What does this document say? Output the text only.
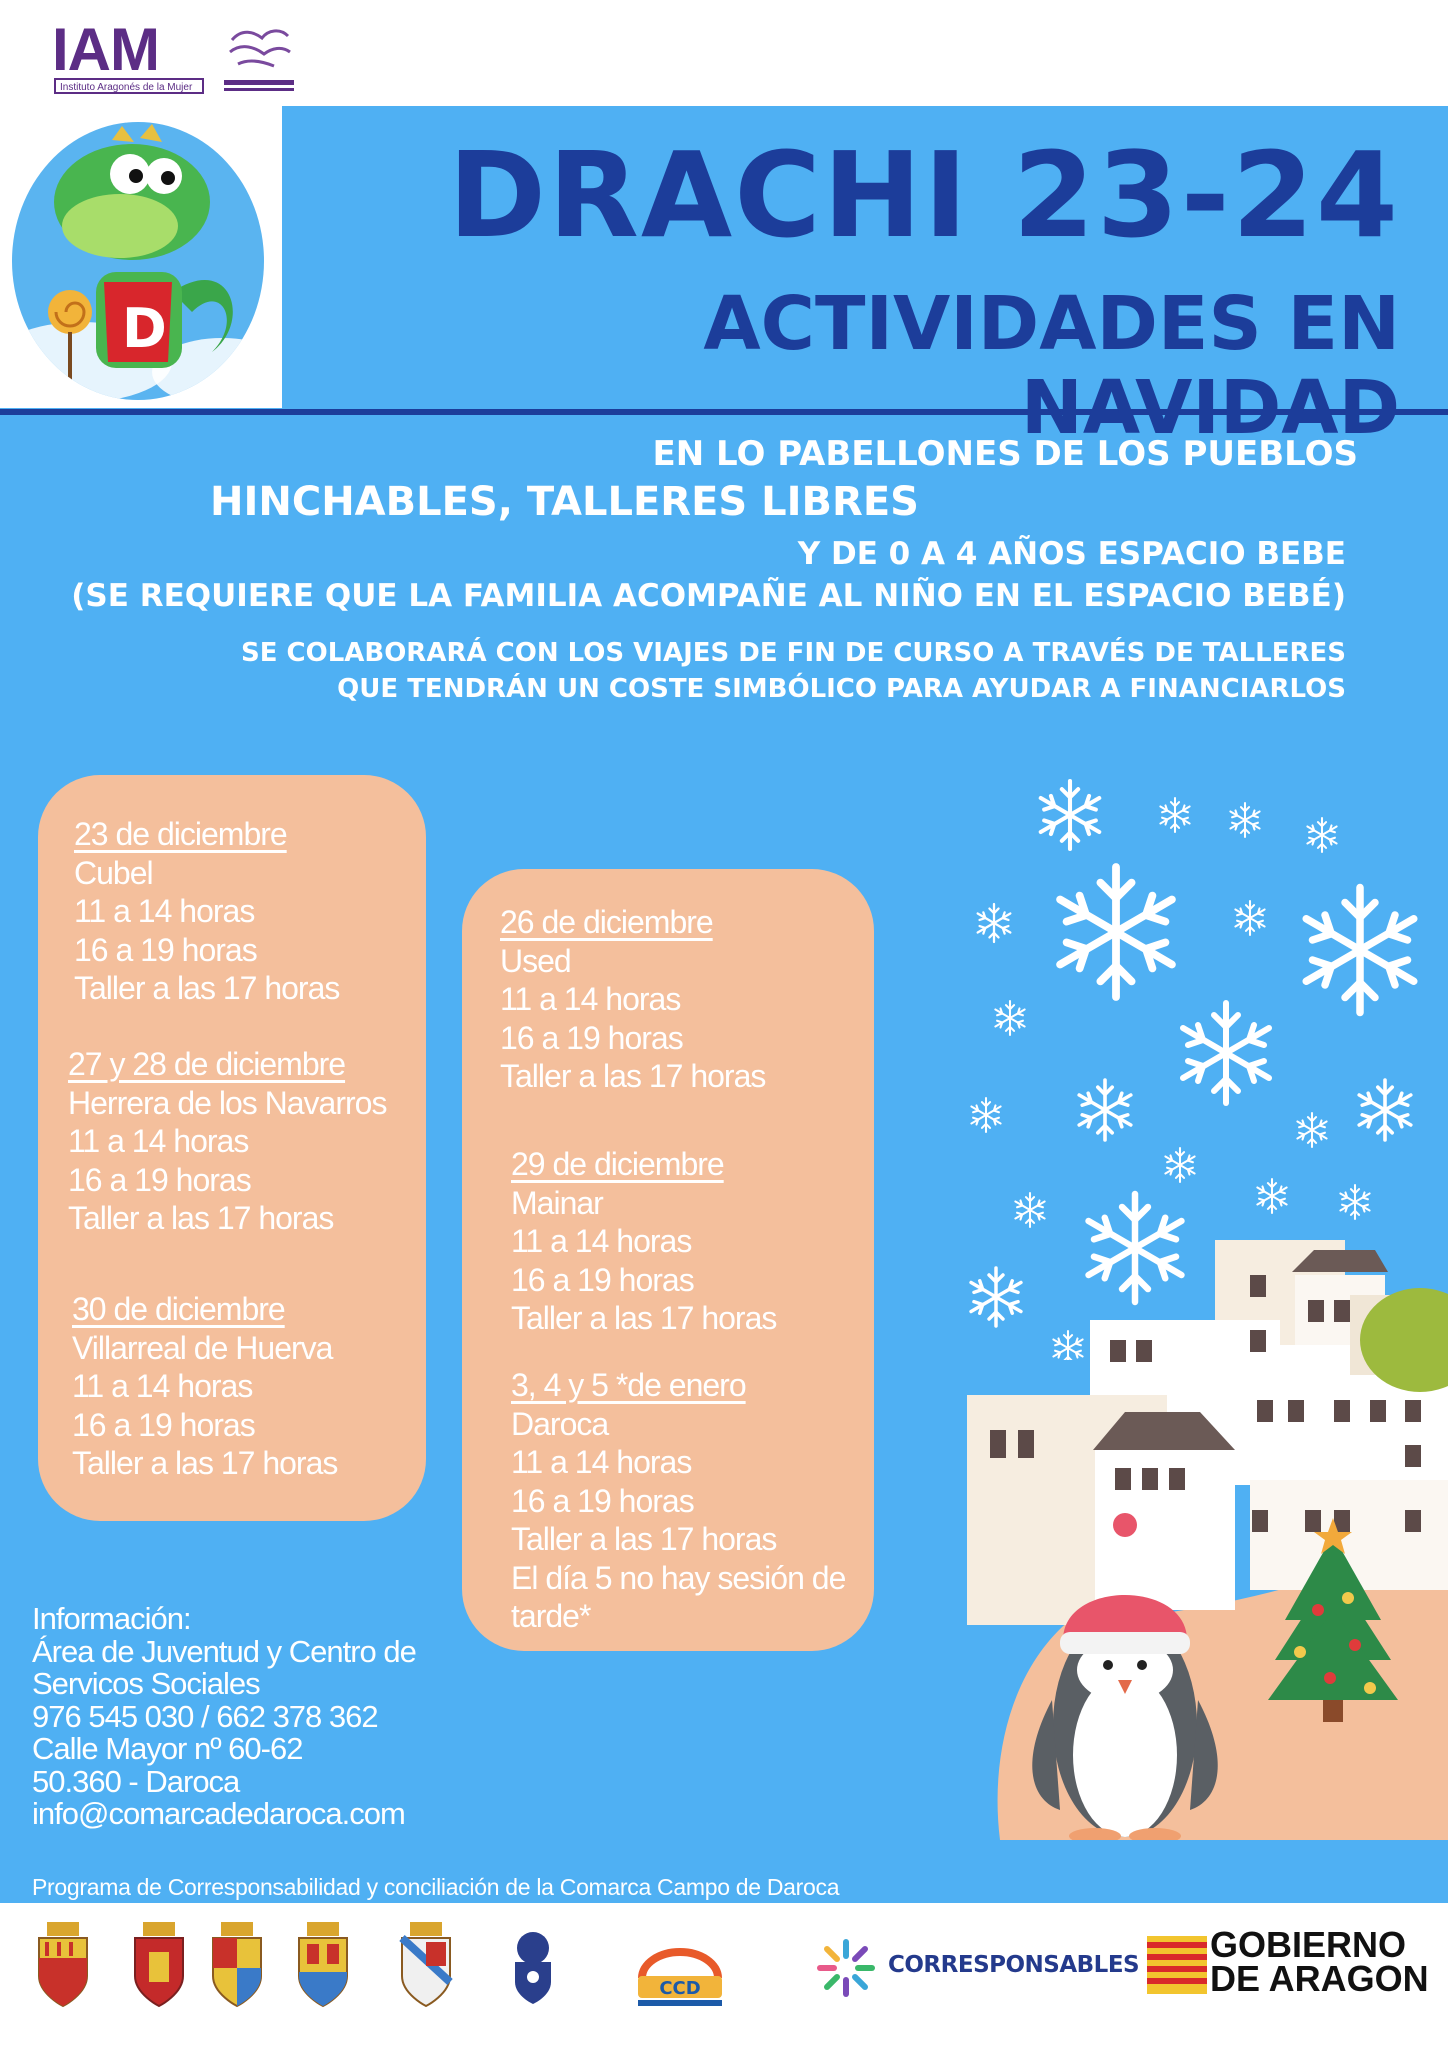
IAM
Instituto Aragonés de la Mujer
D
DRACHI 23-24
ACTIVIDADES EN NAVIDAD
EN LO PABELLONES DE LOS PUEBLOS
HINCHABLES, TALLERES LIBRES
Y DE 0 A 4 AÑOS ESPACIO BEBE
(SE REQUIERE QUE LA FAMILIA ACOMPAÑE AL NIÑO EN EL ESPACIO BEBÉ)
SE COLABORARÁ CON LOS VIAJES DE FIN DE CURSO A TRAVÉS DE TALLERES
QUE TENDRÁN UN COSTE SIMBÓLICO PARA AYUDAR A FINANCIARLOS
23 de diciembre
Cubel
11 a 14 horas
16 a 19 horas
Taller a las 17 horas
27 y 28 de diciembre
Herrera de los Navarros
11 a 14 horas
16 a 19 horas
Taller a las 17 horas
30 de diciembre
Villarreal de Huerva
11 a 14 horas
16 a 19 horas
Taller a las 17 horas
26 de diciembre
Used
11 a 14 horas
16 a 19 horas
Taller a las 17 horas
29 de diciembre
Mainar
11 a 14 horas
16 a 19 horas
Taller a las 17 horas
3, 4 y 5 *de enero
Daroca
11 a 14 horas
16 a 19 horas
Taller a las 17 horas
El día 5 no hay sesión de
tarde*
Información:
Área de Juventud y Centro de
Servicos Sociales
976 545 030 / 662 378 362
Calle Mayor nº 60-62
50.360 - Daroca
info@comarcadedaroca.com
Programa de Corresponsabilidad y conciliación de la Comarca Campo de Daroca
CCD
CORRESPONSABLES GOBIERNO
DE ARAGON
